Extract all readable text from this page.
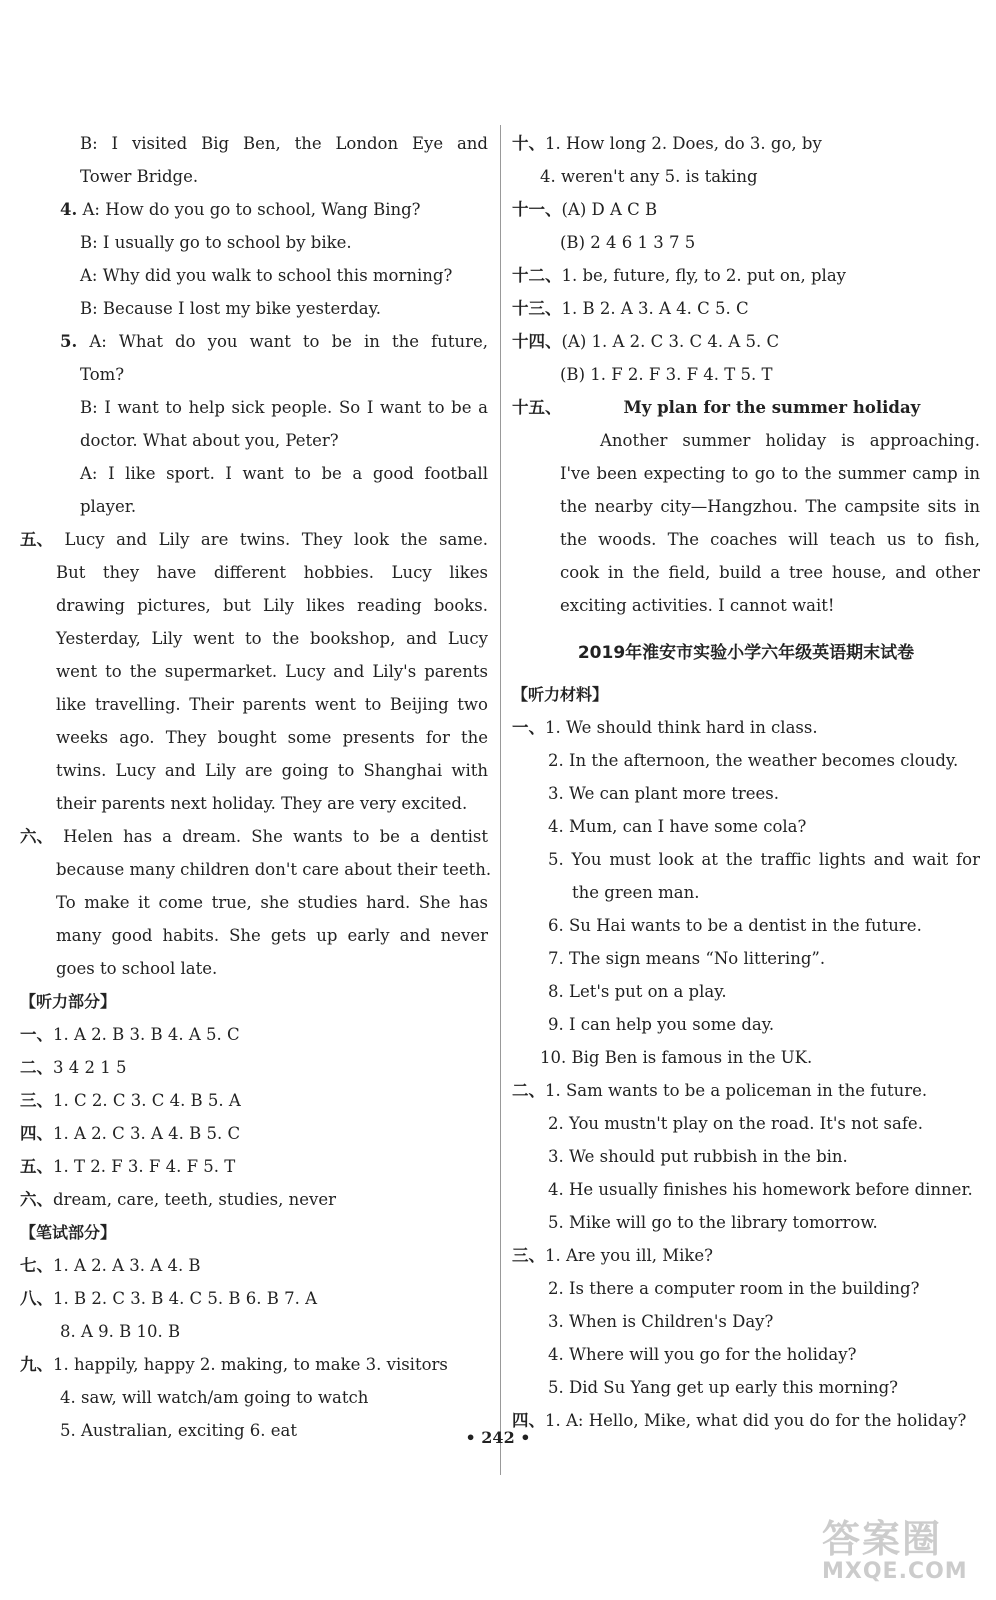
B: I visited Big Ben, the London Eye and
Tower Bridge.
4. A: How do you go to school, Wang Bing?
B: I usually go to school by bike.
A: Why did you walk to school this morning?
B: Because I lost my bike yesterday.
5. A: What do you want to be in the future,
Tom?
B: I want to help sick people. So I want to be a
doctor. What about you, Peter?
A: I like sport. I want to be a good football
player.
五、 Lucy and Lily are twins. They look the same.
But they have different hobbies. Lucy likes
drawing pictures, but Lily likes reading books.
Yesterday, Lily went to the bookshop, and Lucy
went to the supermarket. Lucy and Lily's parents
like travelling. Their parents went to Beijing two
weeks ago. They bought some presents for the
twins. Lucy and Lily are going to Shanghai with
their parents next holiday. They are very excited.
六、 Helen has a dream. She wants to be a dentist
because many children don't care about their teeth.
To make it come true, she studies hard. She has
many good habits. She gets up early and never
goes to school late.
【听力部分】
一、1. A 2. B 3. B 4. A 5. C
二、3 4 2 1 5
三、1. C 2. C 3. C 4. B 5. A
四、1. A 2. C 3. A 4. B 5. C
五、1. T 2. F 3. F 4. F 5. T
六、dream, care, teeth, studies, never
【笔试部分】
七、1. A 2. A 3. A 4. B
八、1. B 2. C 3. B 4. C 5. B 6. B 7. A
8. A 9. B 10. B
九、1. happily, happy 2. making, to make 3. visitors
4. saw, will watch/am going to watch
5. Australian, exciting 6. eat
十、1. How long 2. Does, do 3. go, by
4. weren't any 5. is taking
十一、(A) D A C B
(B) 2 4 6 1 3 7 5
十二、1. be, future, fly, to 2. put on, play
十三、1. B 2. A 3. A 4. C 5. C
十四、(A) 1. A 2. C 3. C 4. A 5. C
(B) 1. F 2. F 3. F 4. T 5. T
十五、	My plan for the summer holiday
Another summer holiday is approaching.
I've been expecting to go to the summer camp in
the nearby city—Hangzhou. The campsite sits in
the woods. The coaches will teach us to fish,
cook in the field, build a tree house, and other
exciting activities. I cannot wait!
2019年淮安市实验小学六年级英语期末试卷
【听力材料】
一、1. We should think hard in class.
2. In the afternoon, the weather becomes cloudy.
3. We can plant more trees.
4. Mum, can I have some cola?
5. You must look at the traffic lights and wait for
the green man.
6. Su Hai wants to be a dentist in the future.
7. The sign means “No littering”.
8. Let's put on a play.
9. I can help you some day.
10. Big Ben is famous in the UK.
二、1. Sam wants to be a policeman in the future.
2. You mustn't play on the road. It's not safe.
3. We should put rubbish in the bin.
4. He usually finishes his homework before dinner.
5. Mike will go to the library tomorrow.
三、1. Are you ill, Mike?
2. Is there a computer room in the building?
3. When is Children's Day?
4. Where will you go for the holiday?
5. Did Su Yang get up early this morning?
四、1. A: Hello, Mike, what did you do for the holiday?
• 242 •
答案圈
MXQE.COM
